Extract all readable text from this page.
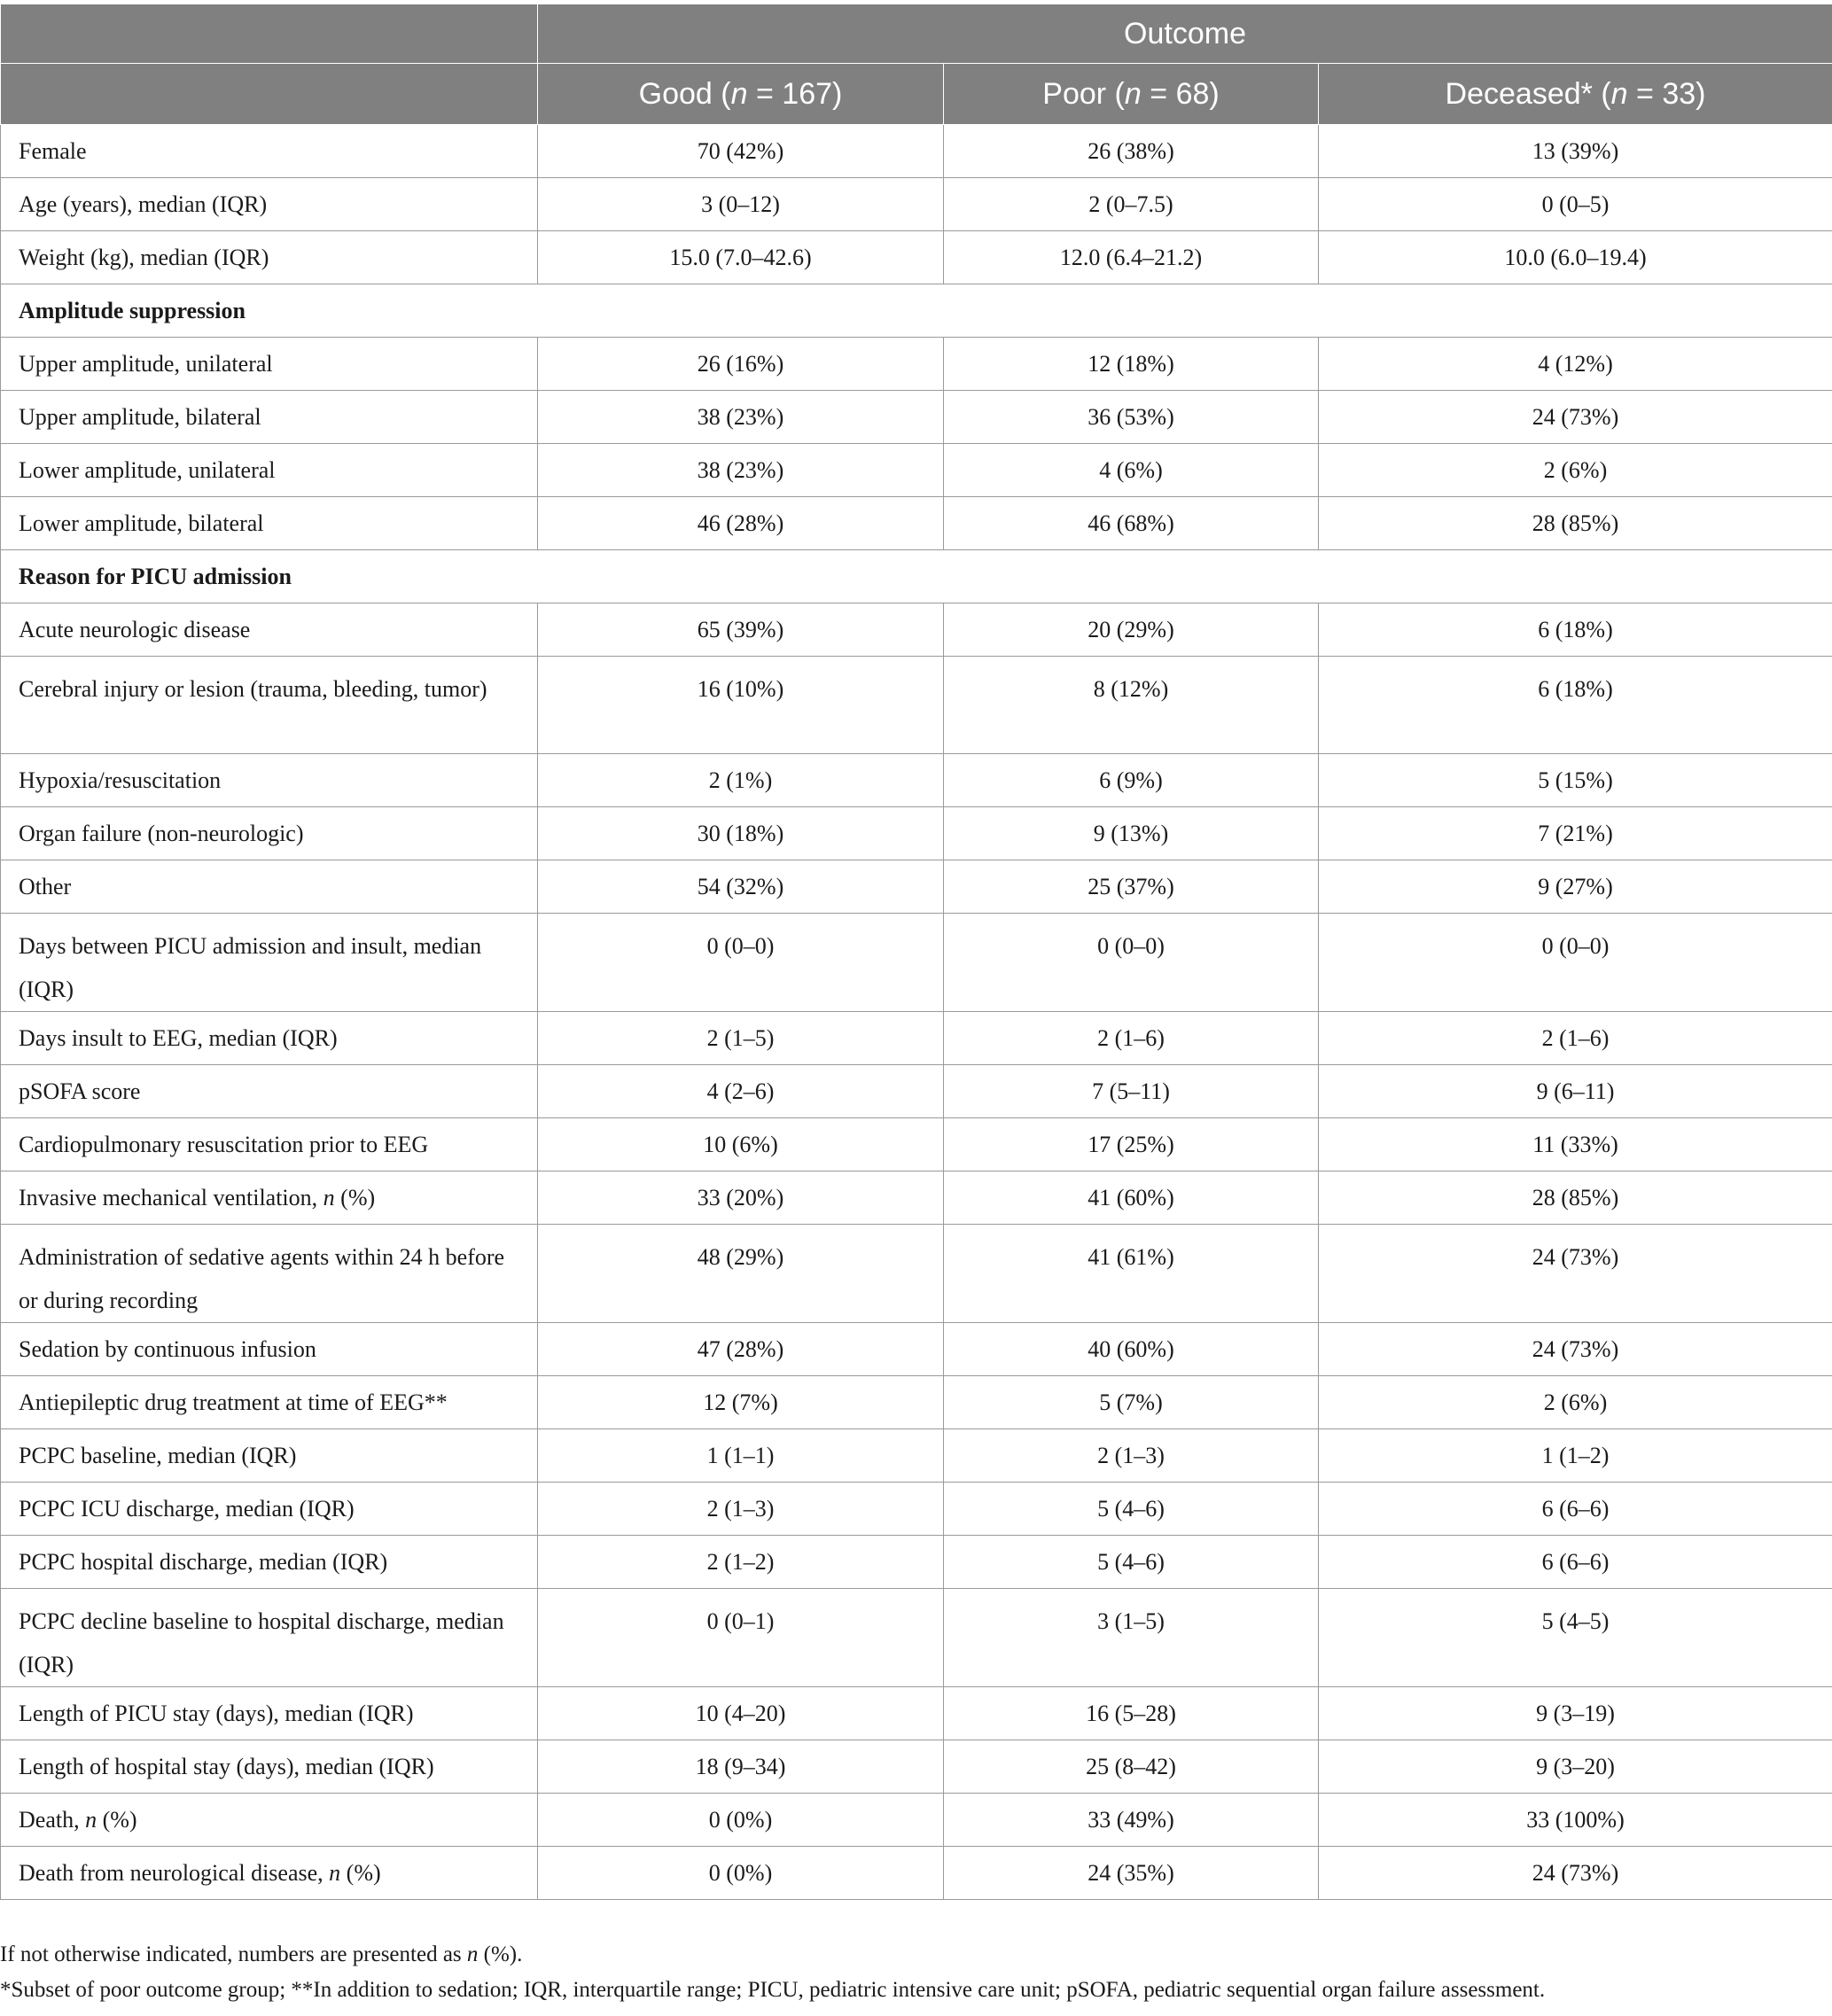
	Outcome		
	Good (n = 167)	Poor (n = 68)	Deceased* (n = 33)
Female	70 (42%)	26 (38%)	13 (39%)
Age (years), median (IQR)	3 (0–12)	2 (0–7.5)	0 (0–5)
Weight (kg), median (IQR)	15.0 (7.0–42.6)	12.0 (6.4–21.2)	10.0 (6.0–19.4)
Amplitude suppression			
Upper amplitude, unilateral	26 (16%)	12 (18%)	4 (12%)
Upper amplitude, bilateral	38 (23%)	36 (53%)	24 (73%)
Lower amplitude, unilateral	38 (23%)	4 (6%)	2 (6%)
Lower amplitude, bilateral	46 (28%)	46 (68%)	28 (85%)
Reason for PICU admission			
Acute neurologic disease	65 (39%)	20 (29%)	6 (18%)
Cerebral injury or lesion (trauma, bleeding, tumor)	16 (10%)	8 (12%)	6 (18%)
Hypoxia/resuscitation	2 (1%)	6 (9%)	5 (15%)
Organ failure (non-neurologic)	30 (18%)	9 (13%)	7 (21%)
Other	54 (32%)	25 (37%)	9 (27%)
Days between PICU admission and insult, median (IQR)	0 (0–0)	0 (0–0)	0 (0–0)
Days insult to EEG, median (IQR)	2 (1–5)	2 (1–6)	2 (1–6)
pSOFA score	4 (2–6)	7 (5–11)	9 (6–11)
Cardiopulmonary resuscitation prior to EEG	10 (6%)	17 (25%)	11 (33%)
Invasive mechanical ventilation, n (%)	33 (20%)	41 (60%)	28 (85%)
Administration of sedative agents within 24 h before or during recording	48 (29%)	41 (61%)	24 (73%)
Sedation by continuous infusion	47 (28%)	40 (60%)	24 (73%)
Antiepileptic drug treatment at time of EEG**	12 (7%)	5 (7%)	2 (6%)
PCPC baseline, median (IQR)	1 (1–1)	2 (1–3)	1 (1–2)
PCPC ICU discharge, median (IQR)	2 (1–3)	5 (4–6)	6 (6–6)
PCPC hospital discharge, median (IQR)	2 (1–2)	5 (4–6)	6 (6–6)
PCPC decline baseline to hospital discharge, median (IQR)	0 (0–1)	3 (1–5)	5 (4–5)
Length of PICU stay (days), median (IQR)	10 (4–20)	16 (5–28)	9 (3–19)
Length of hospital stay (days), median (IQR)	18 (9–34)	25 (8–42)	9 (3–20)
Death, n (%)	0 (0%)	33 (49%)	33 (100%)
Death from neurological disease, n (%)	0 (0%)	24 (35%)	24 (73%)
If not otherwise indicated, numbers are presented as n (%).
*Subset of poor outcome group; **In addition to sedation; IQR, interquartile range; PICU, pediatric intensive care unit; pSOFA, pediatric sequential organ failure assessment.
